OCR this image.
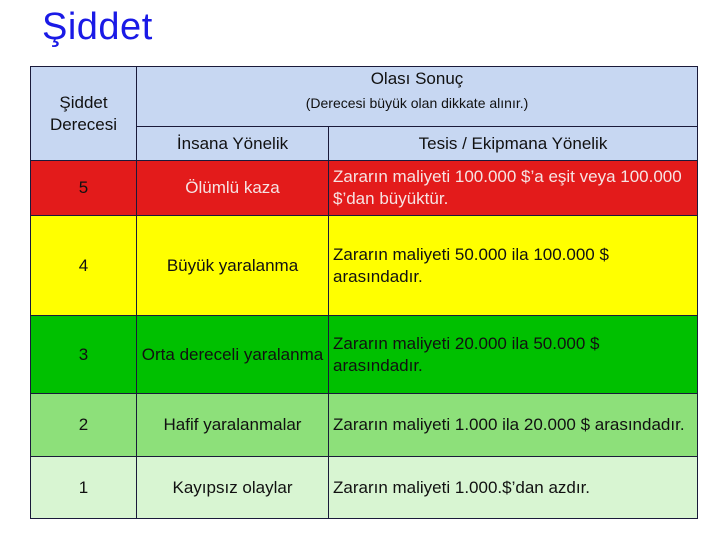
Şiddet
Şiddet Derecesi	Olası Sonuç
(Derecesi büyük olan dikkate alınır.)	

	İnsana Yönelik	Tesis / Ekipmana Yönelik
5	Ölümlü kaza	Zararın maliyeti 100.000 $’a eşit veya 100.000 $’dan büyüktür.
4	Büyük yaralanma	Zararın maliyeti 50.000 ila 100.000 $ arasındadır.
3	Orta dereceli yaralanma	Zararın maliyeti 20.000 ila 50.000 $ arasındadır.
2	Hafif yaralanmalar	Zararın maliyeti 1.000 ila 20.000 $ arasındadır.
1	Kayıpsız olaylar	Zararın maliyeti 1.000.$’dan azdır.
